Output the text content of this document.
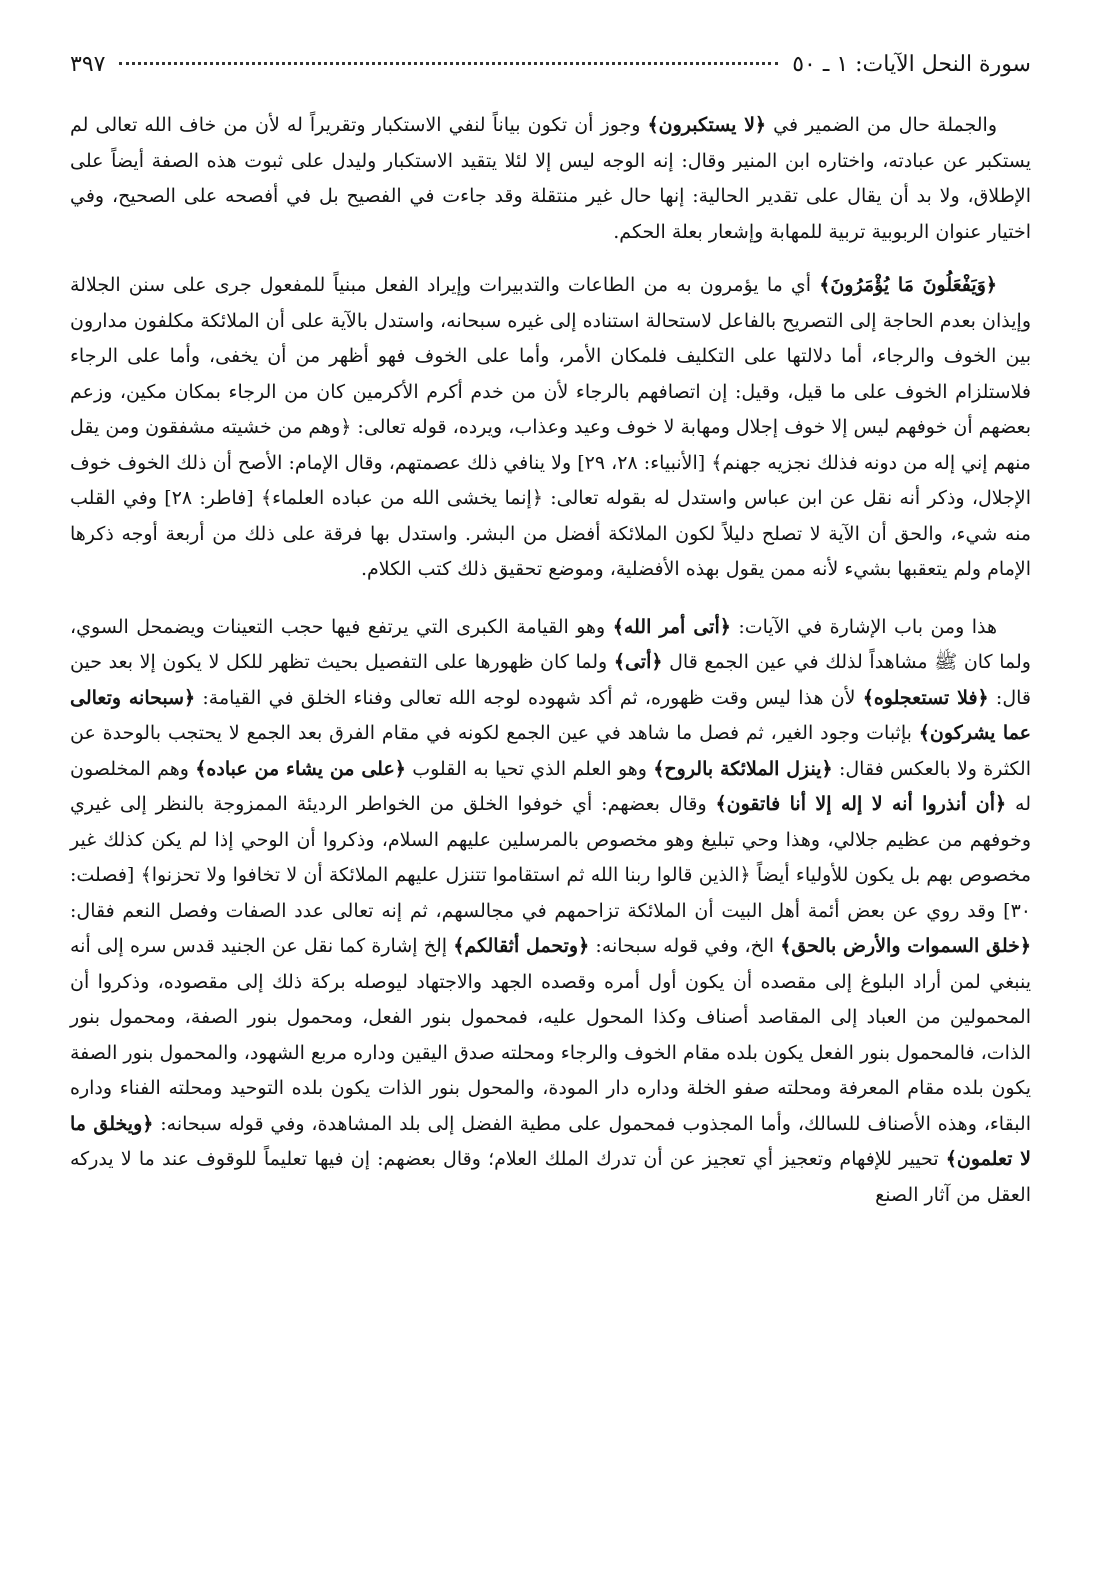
سورة النحل الآيات: ١ ـ ٥٠
٣٩٧

والجملة حال من الضمير في ﴿لا يستكبرون﴾ وجوز أن تكون بياناً لنفي الاستكبار وتقريراً له لأن من خاف الله تعالى لم يستكبر عن عبادته، واختاره ابن المنير وقال: إنه الوجه ليس إلا لئلا يتقيد الاستكبار وليدل على ثبوت هذه الصفة أيضاً على الإطلاق، ولا بد أن يقال على تقدير الحالية: إنها حال غير منتقلة وقد جاءت في الفصيح بل في أفصحه على الصحيح، وفي اختيار عنوان الربوبية تربية للمهابة وإشعار بعلة الحكم.

﴿وَيَفْعَلُونَ مَا يُؤْمَرُونَ﴾ أي ما يؤمرون به من الطاعات والتدبيرات وإيراد الفعل مبنياً للمفعول جرى على سنن الجلالة وإيذان بعدم الحاجة إلى التصريح بالفاعل لاستحالة استناده إلى غيره سبحانه، واستدل بالآية على أن الملائكة مكلفون مدارون بين الخوف والرجاء، أما دلالتها على التكليف فلمكان الأمر، وأما على الخوف فهو أظهر من أن يخفى، وأما على الرجاء فلاستلزام الخوف على ما قيل، وقيل: إن اتصافهم بالرجاء لأن من خدم أكرم الأكرمين كان من الرجاء بمكان مكين، وزعم بعضهم أن خوفهم ليس إلا خوف إجلال ومهابة لا خوف وعيد وعذاب، ويرده، قوله تعالى: ﴿وهم من خشيته مشفقون ومن يقل منهم إني إله من دونه فذلك نجزيه جهنم﴾ [الأنبياء: ٢٨، ٢٩] ولا ينافي ذلك عصمتهم، وقال الإمام: الأصح أن ذلك الخوف خوف الإجلال، وذكر أنه نقل عن ابن عباس واستدل له بقوله تعالى: ﴿إنما يخشى الله من عباده العلماء﴾ [فاطر: ٢٨] وفي القلب منه شيء، والحق أن الآية لا تصلح دليلاً لكون الملائكة أفضل من البشر. واستدل بها فرقة على ذلك من أربعة أوجه ذكرها الإمام ولم يتعقبها بشيء لأنه ممن يقول بهذه الأفضلية، وموضع تحقيق ذلك كتب الكلام.

هذا ومن باب الإشارة في الآيات: ﴿أتى أمر الله﴾ وهو القيامة الكبرى التي يرتفع فيها حجب التعينات ويضمحل السوي، ولما كان ﷺ مشاهداً لذلك في عين الجمع قال ﴿أتى﴾ ولما كان ظهورها على التفصيل بحيث تظهر للكل لا يكون إلا بعد حين قال: ﴿فلا تستعجلوه﴾ لأن هذا ليس وقت ظهوره، ثم أكد شهوده لوجه الله تعالى وفناء الخلق في القيامة: ﴿سبحانه وتعالى عما يشركون﴾ بإثبات وجود الغير، ثم فصل ما شاهد في عين الجمع لكونه في مقام الفرق بعد الجمع لا يحتجب بالوحدة عن الكثرة ولا بالعكس فقال: ﴿ينزل الملائكة بالروح﴾ وهو العلم الذي تحيا به القلوب ﴿على من يشاء من عباده﴾ وهم المخلصون له ﴿أن أنذروا أنه لا إله إلا أنا فاتقون﴾ وقال بعضهم: أي خوفوا الخلق من الخواطر الرديئة الممزوجة بالنظر إلى غيري وخوفهم من عظيم جلالي، وهذا وحي تبليغ وهو مخصوص بالمرسلين عليهم السلام، وذكروا أن الوحي إذا لم يكن كذلك غير مخصوص بهم بل يكون للأولياء أيضاً ﴿الذين قالوا ربنا الله ثم استقاموا تتنزل عليهم الملائكة أن لا تخافوا ولا تحزنوا﴾ [فصلت: ٣٠] وقد روي عن بعض أئمة أهل البيت أن الملائكة تزاحمهم في مجالسهم، ثم إنه تعالى عدد الصفات وفصل النعم فقال: ﴿خلق السموات والأرض بالحق﴾ الخ، وفي قوله سبحانه: ﴿وتحمل أثقالكم﴾ إلخ إشارة كما نقل عن الجنيد قدس سره إلى أنه ينبغي لمن أراد البلوغ إلى مقصده أن يكون أول أمره وقصده الجهد والاجتهاد ليوصله بركة ذلك إلى مقصوده، وذكروا أن المحمولين من العباد إلى المقاصد أصناف وكذا المحول عليه، فمحمول بنور الفعل، ومحمول بنور الصفة، ومحمول بنور الذات، فالمحمول بنور الفعل يكون بلده مقام الخوف والرجاء ومحلته صدق اليقين وداره مربع الشهود، والمحمول بنور الصفة يكون بلده مقام المعرفة ومحلته صفو الخلة وداره دار المودة، والمحول بنور الذات يكون بلده التوحيد ومحلته الفناء وداره البقاء، وهذه الأصناف للسالك، وأما المجذوب فمحمول على مطية الفضل إلى بلد المشاهدة، وفي قوله سبحانه: ﴿ويخلق ما لا تعلمون﴾ تحيير للإفهام وتعجيز أي تعجيز عن أن تدرك الملك العلام؛ وقال بعضهم: إن فيها تعليماً للوقوف عند ما لا يدركه العقل من آثار الصنع
